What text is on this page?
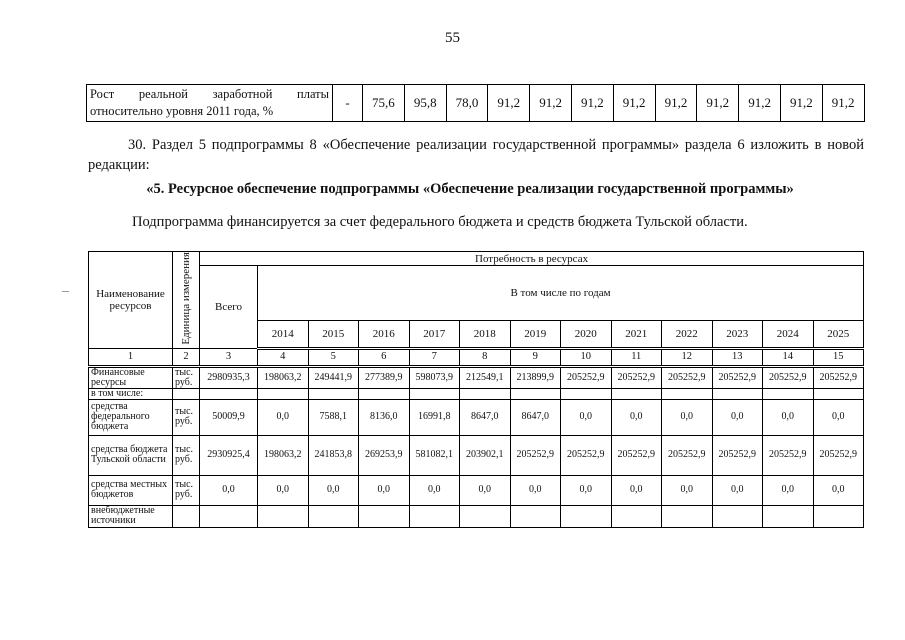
55
Рост реальной заработной платы
относительно уровня 2011 года, %
	-	75,6	95,8	78,0	91,2	91,2	91,2	91,2	91,2	91,2	91,2	91,2	91,2
30. Раздел 5 подпрограммы 8 «Обеспечение реализации государственной программы» раздела 6 изложить в новой редакции:
«5. Ресурсное обеспечение подпрограммы «Обеспечение реализации государственной программы»
Подпрограмма финансируется за счет федерального бюджета и средств бюджета Тульской области.
Наименование ресурсов	Единица измерения	Потребность в ресурсах												
		Всего	В том числе по годам											
			2014	2015	2016	2017	2018	2019	2020	2021	2022	2023	2024	2025
1	2	3	4	5	6	7	8	9	10	11	12	13	14	15
Финансовые ресурсы	тыс. руб.	2980935,3	198063,2	249441,9	277389,9	598073,9	212549,1	213899,9	205252,9	205252,9	205252,9	205252,9	205252,9	205252,9
в том числе:														
средства федерального бюджета	тыс. руб.	50009,9	0,0	7588,1	8136,0	16991,8	8647,0	8647,0	0,0	0,0	0,0	0,0	0,0	0,0
средства бюджета Тульской области	тыс. руб.	2930925,4	198063,2	241853,8	269253,9	581082,1	203902,1	205252,9	205252,9	205252,9	205252,9	205252,9	205252,9	205252,9
средства местных бюджетов	тыс. руб.	0,0	0,0	0,0	0,0	0,0	0,0	0,0	0,0	0,0	0,0	0,0	0,0	0,0
внебюджетные источники														
